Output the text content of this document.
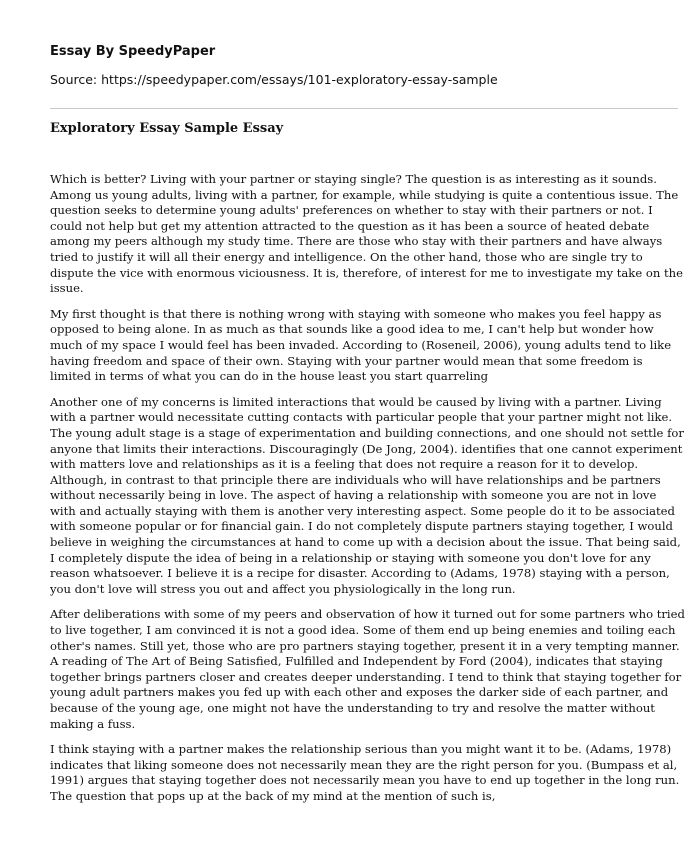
Essay By SpeedyPaper
Source: https://speedypaper.com/essays/101-exploratory-essay-sample
Exploratory Essay Sample Essay

Which is better? Living with your partner or staying single? The question is as interesting as it sounds. Among us young adults, living with a partner, for example, while studying is quite a contentious issue. The question seeks to determine young adults' preferences on whether to stay with their partners or not. I could not help but get my attention attracted to the question as it has been a source of heated debate among my peers although my study time. There are those who stay with their partners and have always tried to justify it will all their energy and intelligence. On the other hand, those who are single try to dispute the vice with enormous viciousness. It is, therefore, of interest for me to investigate my take on the issue.

My first thought is that there is nothing wrong with staying with someone who makes you feel happy as opposed to being alone. In as much as that sounds like a good idea to me, I can't help but wonder how much of my space I would feel has been invaded. According to (Roseneil, 2006), young adults tend to like having freedom and space of their own. Staying with your partner would mean that some freedom is limited in terms of what you can do in the house least you start quarreling

Another one of my concerns is limited interactions that would be caused by living with a partner. Living with a partner would necessitate cutting contacts with particular people that your partner might not like. The young adult stage is a stage of experimentation and building connections, and one should not settle for anyone that limits their interactions. Discouragingly (De Jong, 2004). identifies that one cannot experiment with matters love and relationships as it is a feeling that does not require a reason for it to develop. Although, in contrast to that principle there are individuals who will have relationships and be partners without necessarily being in love. The aspect of having a relationship with someone you are not in love with and actually staying with them is another very interesting aspect. Some people do it to be associated with someone popular or for financial gain. I do not completely dispute partners staying together, I would believe in weighing the circumstances at hand to come up with a decision about the issue. That being said, I completely dispute the idea of being in a relationship or staying with someone you don't love for any reason whatsoever. I believe it is a recipe for disaster. According to (Adams, 1978) staying with a person, you don't love will stress you out and affect you physiologically in the long run.

After deliberations with some of my peers and observation of how it turned out for some partners who tried to live together, I am convinced it is not a good idea. Some of them end up being enemies and toiling each other's names. Still yet, those who are pro partners staying together, present it in a very tempting manner. A reading of The Art of Being Satisfied, Fulfilled and Independent by Ford (2004), indicates that staying together brings partners closer and creates deeper understanding. I tend to think that staying together for young adult partners makes you fed up with each other and exposes the darker side of each partner, and because of the young age, one might not have the understanding to try and resolve the matter without making a fuss.

I think staying with a partner makes the relationship serious than you might want it to be. (Adams, 1978) indicates that liking someone does not necessarily mean they are the right person for you. (Bumpass et al, 1991) argues that staying together does not necessarily mean you have to end up together in the long run. The question that pops up at the back of my mind at the mention of such is,
